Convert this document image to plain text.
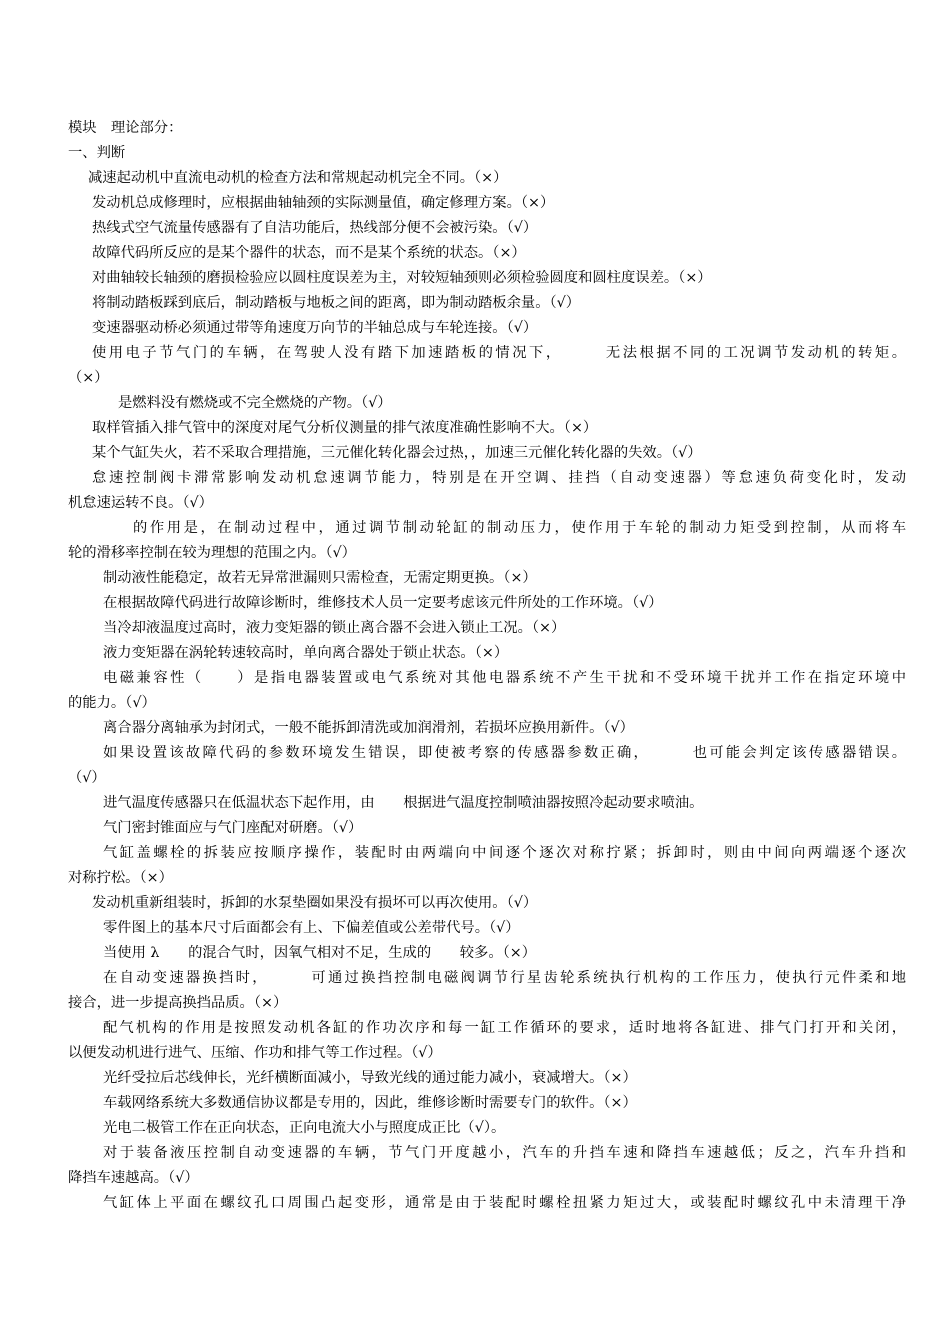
模块　理论部分：
一、判断
减速起动机中直流电动机的检查方法和常规起动机完全不同。（×）
发动机总成修理时，应根据曲轴轴颈的实际测量值，确定修理方案。（×）
热线式空气流量传感器有了自洁功能后，热线部分便不会被污染。（√）
故障代码所反应的是某个器件的状态，而不是某个系统的状态。（×）
对曲轴较长轴颈的磨损检验应以圆柱度误差为主，对较短轴颈则必须检验圆度和圆柱度误差。（×）
将制动踏板踩到底后，制动踏板与地板之间的距离，即为制动踏板余量。（√）
变速器驱动桥必须通过带等角速度万向节的半轴总成与车轮连接。（√）
使用电子节气门的车辆，在驾驶人没有踏下加速踏板的情况下，　　　无法根据不同的工况调节发动机的转矩。
（×）
是燃料没有燃烧或不完全燃烧的产物。（√）
取样管插入排气管中的深度对尾气分析仪测量的排气浓度准确性影响不大。（×）
某个气缸失火，若不采取合理措施，三元催化转化器会过热，，加速三元催化转化器的失效。（√）
怠速控制阀卡滞常影响发动机怠速调节能力，特别是在开空调、挂挡（自动变速器）等怠速负荷变化时，发动
机怠速运转不良。（√）
的作用是，在制动过程中，通过调节制动轮缸的制动压力，使作用于车轮的制动力矩受到控制，从而将车
轮的滑移率控制在较为理想的范围之内。（√）
制动液性能稳定，故若无异常泄漏则只需检查，无需定期更换。（×）
在根据故障代码进行故障诊断时，维修技术人员一定要考虑该元件所处的工作环境。（√）
当冷却液温度过高时，液力变矩器的锁止离合器不会进入锁止工况。（×）
液力变矩器在涡轮转速较高时，单向离合器处于锁止状态。（×）
电磁兼容性（　　）是指电器装置或电气系统对其他电器系统不产生干扰和不受环境干扰并工作在指定环境中
的能力。（√）
离合器分离轴承为封闭式，一般不能拆卸清洗或加润滑剂，若损坏应换用新件。（√）
如果设置该故障代码的参数环境发生错误，即使被考察的传感器参数正确，　　　也可能会判定该传感器错误。
（√）
进气温度传感器只在低温状态下起作用，由　　根据进气温度控制喷油器按照冷起动要求喷油。
气门密封锥面应与气门座配对研磨。（√）
气缸盖螺栓的拆装应按顺序操作，装配时由两端向中间逐个逐次对称拧紧；拆卸时，则由中间向两端逐个逐次
对称拧松。（×）
发动机重新组装时，拆卸的水泵垫圈如果没有损坏可以再次使用。（√）
零件图上的基本尺寸后面都会有上、下偏差值或公差带代号。（√）
当使用 λ　　的混合气时，因氧气相对不足，生成的　　较多。（×）
在自动变速器换挡时，　　　可通过换挡控制电磁阀调节行星齿轮系统执行机构的工作压力，使执行元件柔和地
接合，进一步提高换挡品质。（×）
配气机构的作用是按照发动机各缸的作功次序和每一缸工作循环的要求，适时地将各缸进、排气门打开和关闭，
以便发动机进行进气、压缩、作功和排气等工作过程。（√）
光纤受拉后芯线伸长，光纤横断面减小，导致光线的通过能力减小，衰减增大。（×）
车载网络系统大多数通信协议都是专用的，因此，维修诊断时需要专门的软件。（×）
光电二极管工作在正向状态，正向电流大小与照度成正比（√）。
对于装备液压控制自动变速器的车辆，节气门开度越小，汽车的升挡车速和降挡车速越低；反之，汽车升挡和
降挡车速越高。（√）
气缸体上平面在螺纹孔口周围凸起变形，通常是由于装配时螺栓扭紧力矩过大，或装配时螺纹孔中未清理干净
